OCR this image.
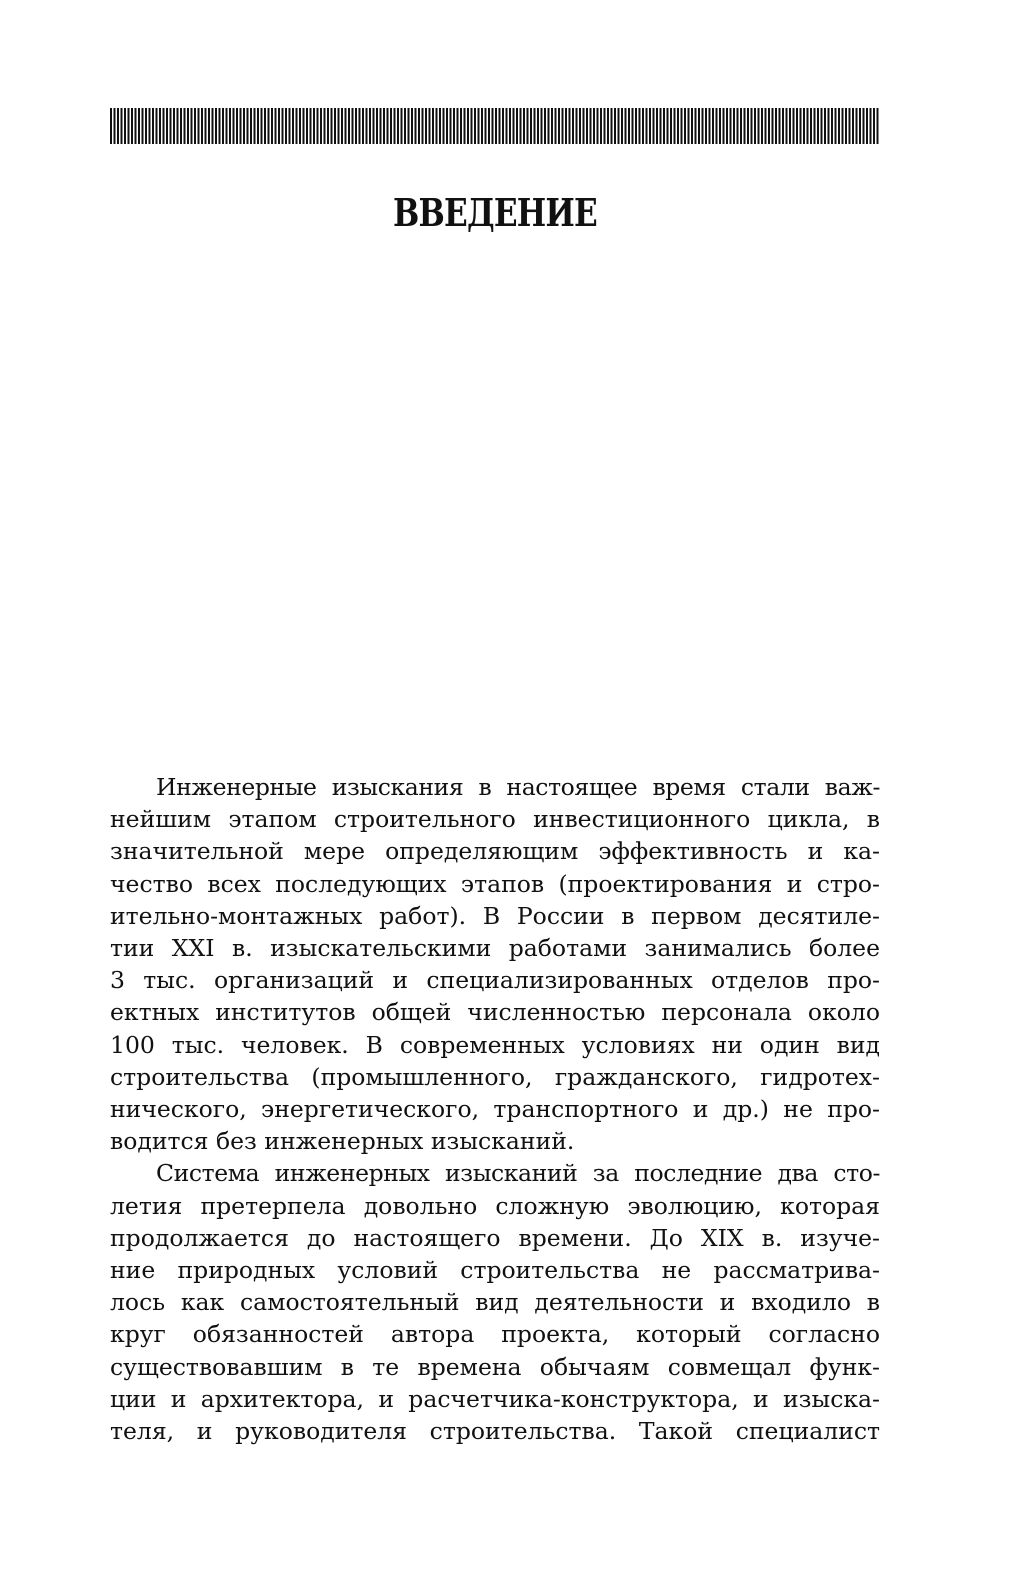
ВВЕДЕНИЕ

Инженерные изыскания в настоящее время стали важ-
нейшим этапом строительного инвестиционного цикла, в
значительной мере определяющим эффективность и ка-
чество всех последующих этапов (проектирования и стро-
ительно-монтажных работ). В России в первом десятиле-
тии XXI в. изыскательскими работами занимались более
3 тыс. организаций и специализированных отделов про-
ектных институтов общей численностью персонала около
100 тыс. человек. В современных условиях ни один вид
строительства (промышленного, гражданского, гидротех-
нического, энергетического, транспортного и др.) не про-
водится без инженерных изысканий.

Система инженерных изысканий за последние два сто-
летия претерпела довольно сложную эволюцию, которая
продолжается до настоящего времени. До XIX в. изуче-
ние природных условий строительства не рассматрива-
лось как самостоятельный вид деятельности и входило в
круг обязанностей автора проекта, который согласно
существовавшим в те времена обычаям совмещал функ-
ции и архитектора, и расчетчика-конструктора, и изыска-
теля, и руководителя строительства. Такой специалист
